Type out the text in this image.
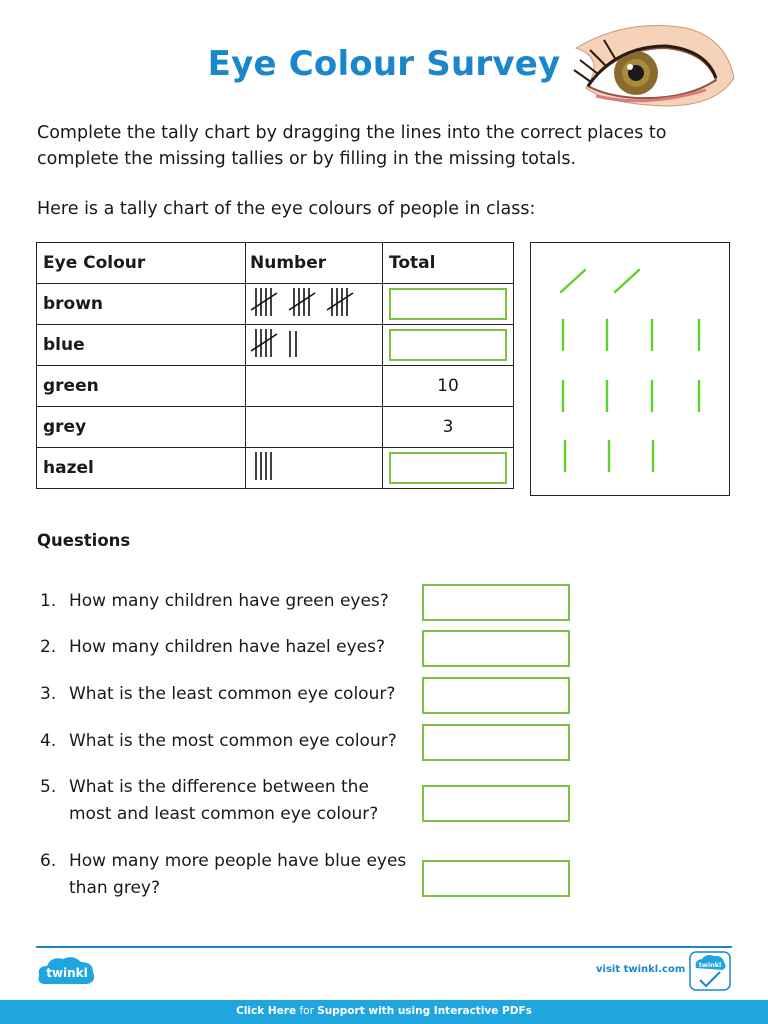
Eye Colour Survey
Complete the tally chart by dragging the lines into the correct places to complete the missing tallies or by filling in the missing totals.
Here is a tally chart of the eye colours of people in class:
Eye Colour	Number	Total
brown		

blue		

green		10
grey		3
hazel		
Questions
1. How many children have green eyes?
2. How many children have hazel eyes?
3. What is the least common eye colour?
4. What is the most common eye colour?
5. What is the difference between the most and least common eye colour?
6. How many more people have blue eyes than grey?
twinkl	visit twinkl.com twinkl
Click Here for Support with using Interactive PDFs
